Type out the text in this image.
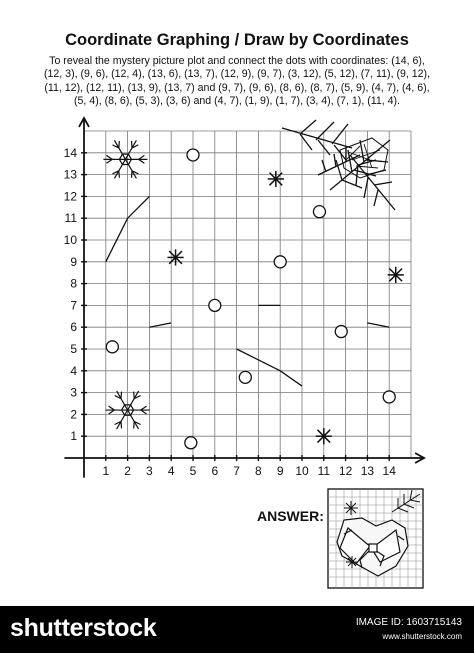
Coordinate Graphing / Draw by Coordinates
To reveal the mystery picture plot and connect the dots with coordinates: (14, 6), (12, 3), (9, 6), (12, 4), (13, 6), (13, 7), (12, 9), (9, 7), (3, 12), (5, 12), (7, 11), (9, 12), (11, 12), (12, 11), (13, 9), (13, 7) and (9, 7), (9, 6), (8, 6), (8, 7), (5, 9), (4, 7), (4, 6), (5, 4), (8, 6), (5, 3), (3, 6) and (4, 7), (1, 9), (1, 7), (3, 4), (7, 1), (11, 4).
1 2 3 4 5 6 7 8 9 10 11 12 13 14
1
2
3
4
5
6
7
8
9
10
11
12
13
14
ANSWER:
shutterstock	IMAGE ID: 1603715143
www.shutterstock.com
